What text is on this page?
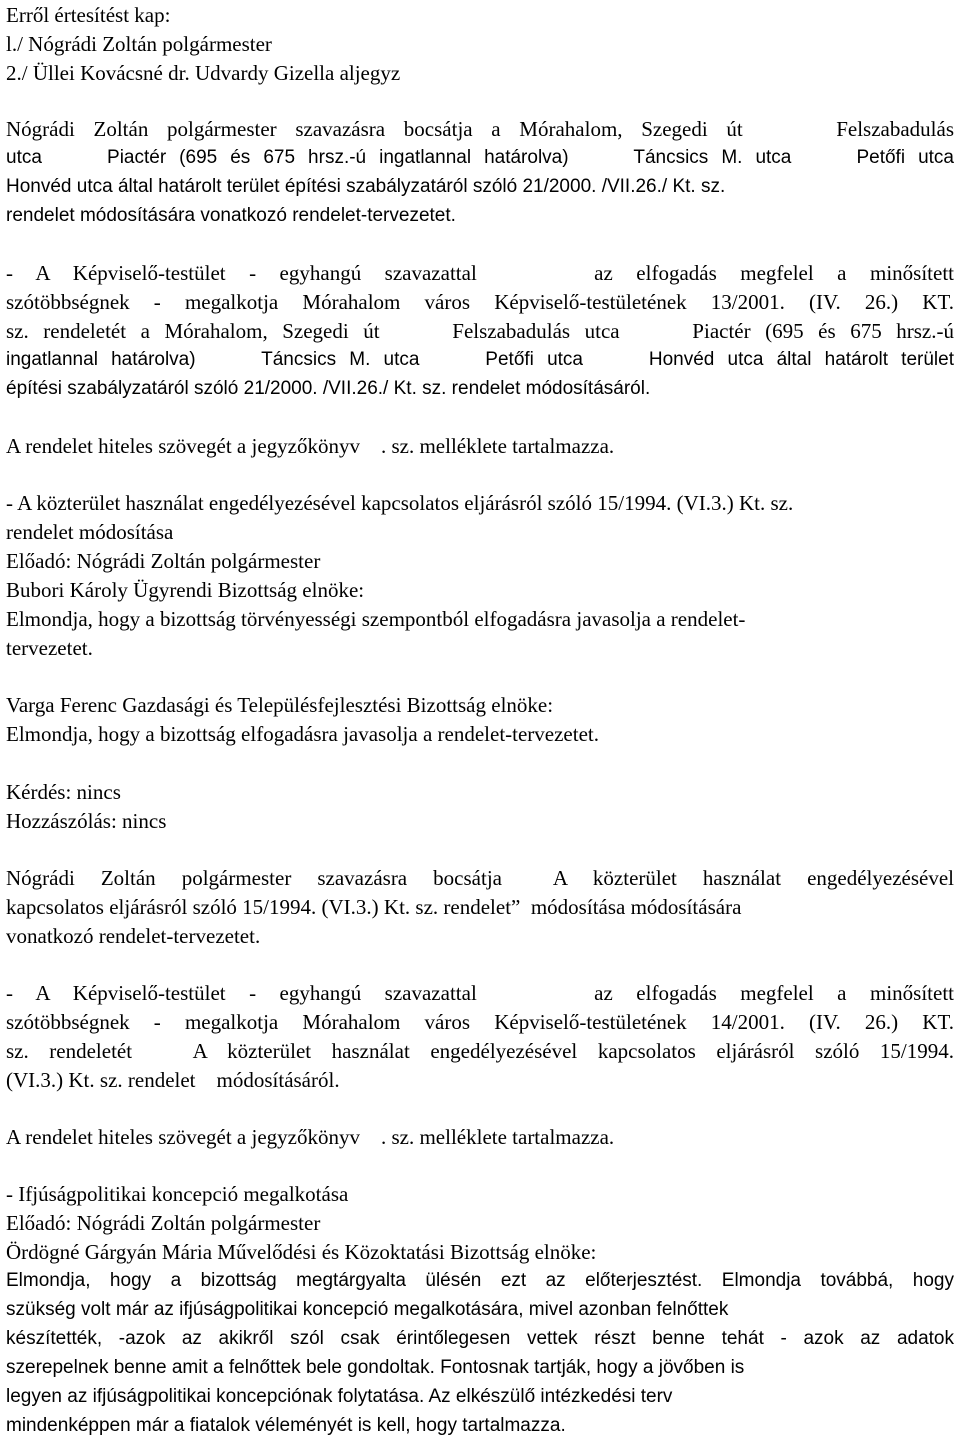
Erről értesítést kap:
l./ Nógrádi Zoltán polgármester
2./ Üllei Kovácsné dr. Udvardy Gizella aljegyz
Nógrádi Zoltán polgármester szavazásra bocsátja a Mórahalom, Szegedi út     Felszabadulás
utca     Piactér (695 és 675 hrsz.-ú ingatlannal határolva)     Táncsics M. utca     Petőfi utca
Honvéd utca által határolt terület építési szabályzatáról szóló 21/2000. /VII.26./ Kt. sz.
rendelet módosítására vonatkozó rendelet-tervezetet.
- A Képviselő-testület - egyhangú szavazattal     az elfogadás megfelel a minősített
szótöbbségnek - megalkotja Mórahalom város Képviselő-testületének 13/2001. (IV. 26.) KT.
sz. rendeletét a Mórahalom, Szegedi út     Felszabadulás utca     Piactér (695 és 675 hrsz.-ú
ingatlannal határolva)     Táncsics M. utca     Petőfi utca     Honvéd utca által határolt terület
építési szabályzatáról szóló 21/2000. /VII.26./ Kt. sz. rendelet módosításáról.
A rendelet hiteles szövegét a jegyzőkönyv    . sz. melléklete tartalmazza.
- A közterület használat engedélyezésével kapcsolatos eljárásról szóló 15/1994. (VI.3.) Kt. sz.
rendelet módosítása
Előadó: Nógrádi Zoltán polgármester
Bubori Károly Ügyrendi Bizottság elnöke:
Elmondja, hogy a bizottság törvényességi szempontból elfogadásra javasolja a rendelet-
tervezetet.
Varga Ferenc Gazdasági és Településfejlesztési Bizottság elnöke:
Elmondja, hogy a bizottság elfogadásra javasolja a rendelet-tervezetet.
Kérdés: nincs
Hozzászólás: nincs
Nógrádi Zoltán polgármester szavazásra bocsátja  A közterület használat engedélyezésével
kapcsolatos eljárásról szóló 15/1994. (VI.3.) Kt. sz. rendelet”  módosítása módosítására
vonatkozó rendelet-tervezetet.
- A Képviselő-testület - egyhangú szavazattal     az elfogadás megfelel a minősített
szótöbbségnek - megalkotja Mórahalom város Képviselő-testületének 14/2001. (IV. 26.) KT.
sz. rendeletét   A közterület használat engedélyezésével kapcsolatos eljárásról szóló 15/1994.
(VI.3.) Kt. sz. rendelet    módosításáról.
A rendelet hiteles szövegét a jegyzőkönyv    . sz. melléklete tartalmazza.
- Ifjúságpolitikai koncepció megalkotása
Előadó: Nógrádi Zoltán polgármester
Ördögné Gárgyán Mária Művelődési és Közoktatási Bizottság elnöke:
Elmondja, hogy a bizottság megtárgyalta ülésén ezt az előterjesztést. Elmondja továbbá, hogy
szükség volt már az ifjúságpolitikai koncepció megalkotására, mivel azonban felnőttek
készítették, -azok az akikről szól csak érintőlegesen vettek részt benne tehát - azok az adatok
szerepelnek benne amit a felnőttek bele gondoltak. Fontosnak tartják, hogy a jövőben is
legyen az ifjúságpolitikai koncepciónak folytatása. Az elkészülő intézkedési terv
mindenképpen már a fiatalok véleményét is kell, hogy tartalmazza.
